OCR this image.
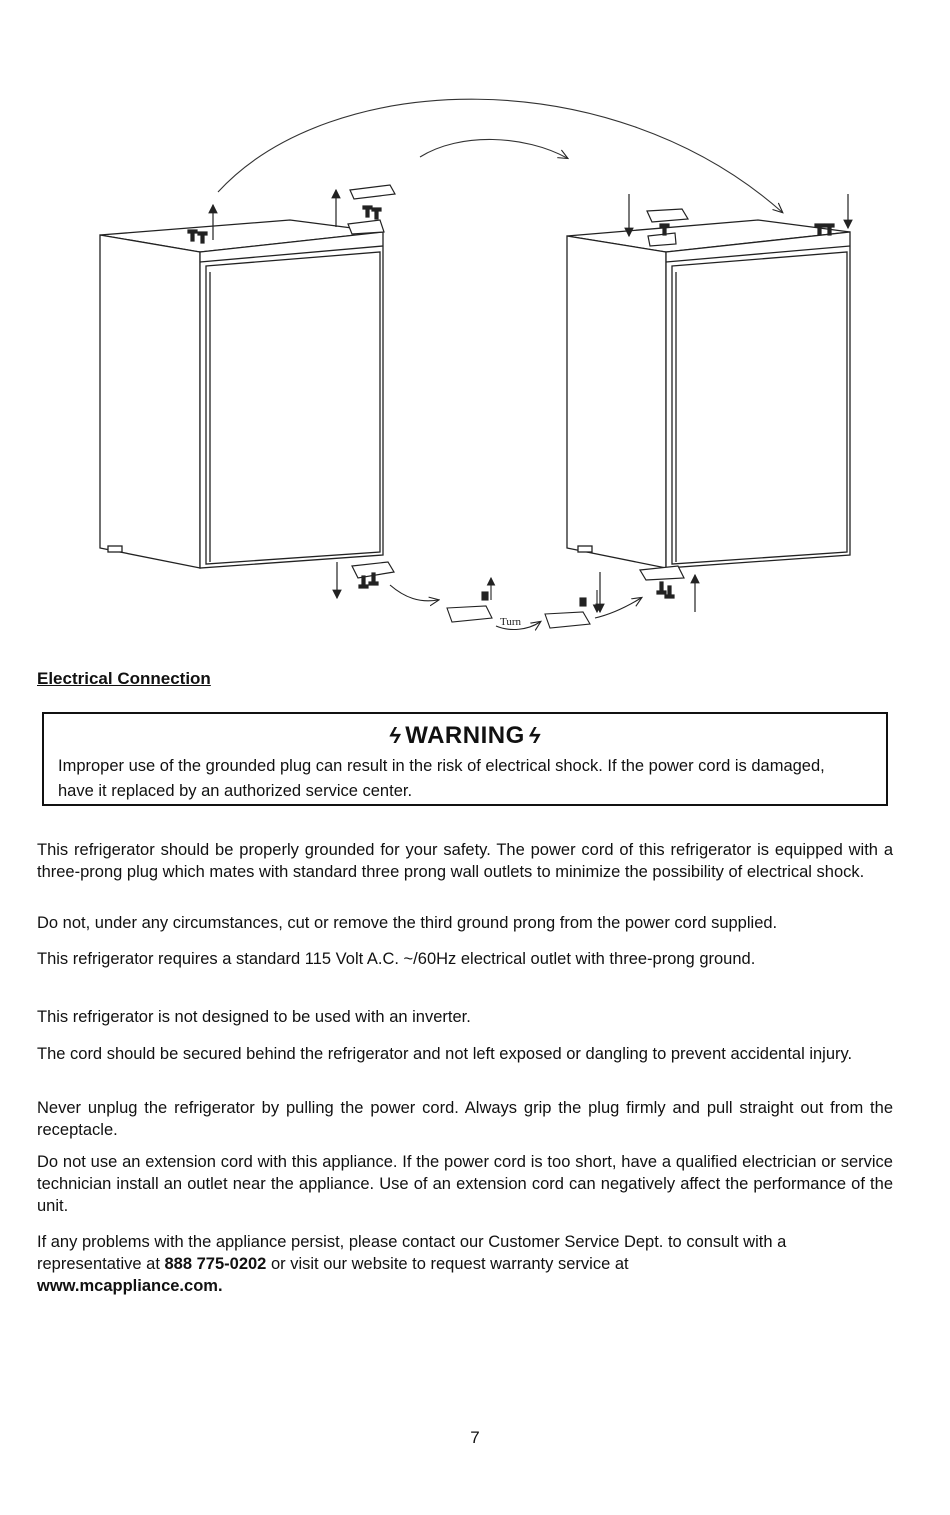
Turn

Electrical Connection

ϟ WARNING ϟ
Improper use of the grounded plug can result in the risk of electrical shock. If the power cord is damaged, have it replaced by an authorized service center.

This refrigerator should be properly grounded for your safety. The power cord of this refrigerator is equipped with a three-prong plug which mates with standard three prong wall outlets to minimize the possibility of electrical shock.

Do not, under any circumstances, cut or remove the third ground prong from the power cord supplied.

This refrigerator requires a standard 115 Volt A.C. ~/60Hz electrical outlet with three-prong ground.

This refrigerator is not designed to be used with an inverter.

The cord should be secured behind the refrigerator and not left exposed or dangling to prevent accidental injury.

Never unplug the refrigerator by pulling the power cord. Always grip the plug firmly and pull straight out from the receptacle.

Do not use an extension cord with this appliance. If the power cord is too short, have a qualified electrician or service technician install an outlet near the appliance. Use of an extension cord can negatively affect the performance of the unit.

If any problems with the appliance persist, please contact our Customer Service Dept. to consult with a representative at 888 775-0202 or visit our website to request warranty service at
www.mcappliance.com.

7
